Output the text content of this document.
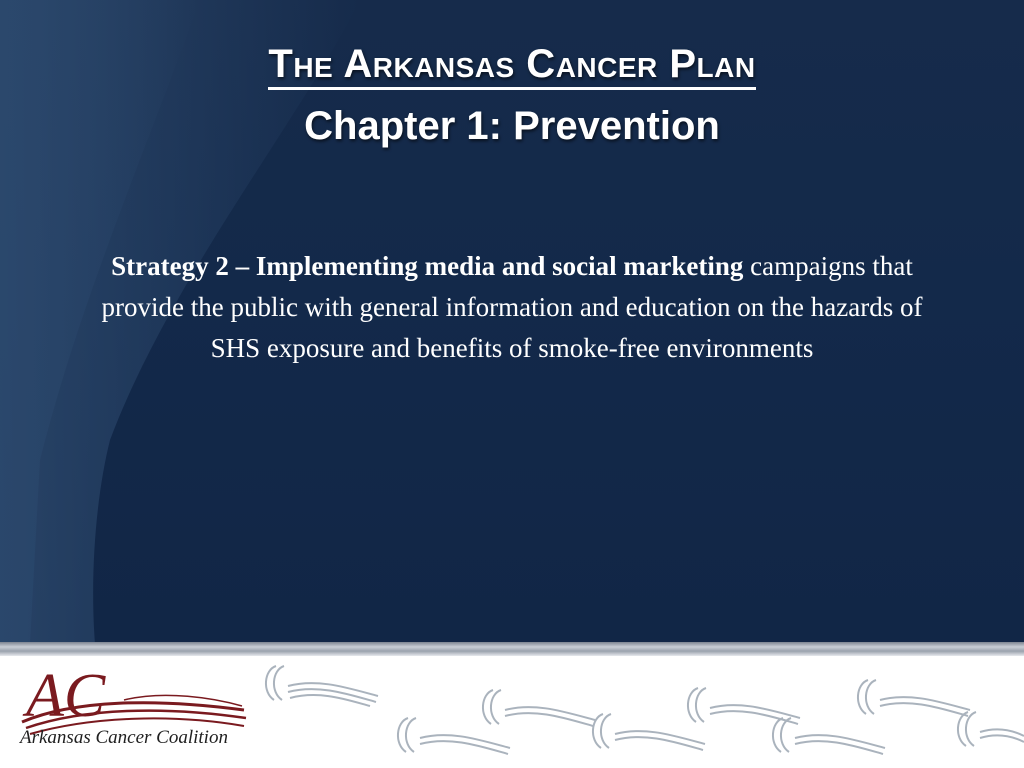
The Arkansas Cancer Plan
Chapter 1: Prevention
Strategy 2 – Implementing media and social marketing campaigns that provide the public with general information and education on the hazards of SHS exposure and benefits of smoke-free environments
AC
Arkansas Cancer Coalition
